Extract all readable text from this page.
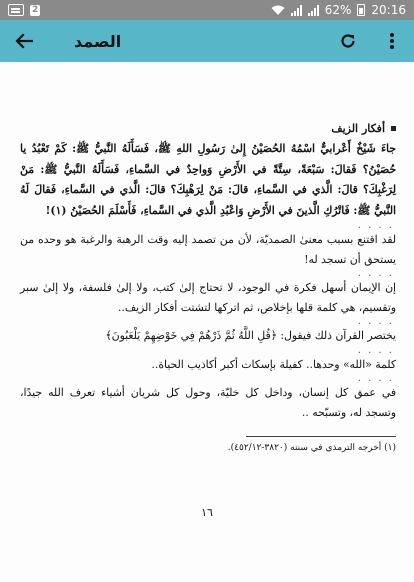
2	62% 20:16
الصمد
أفكار الزيف

جاءَ شَيْخٌ أَعْرابيٌّ اسْمُهُ الحُصَيْنُ إِلىٰ رَسُولِ اللهِ ﷺ، فَسَأَلَهُ النَّبيُّ ﷺ: كَمْ تَعْبُدُ يا حُصَيْنُ؟ فَقالَ: سَبْعَةً، سِتَّةً في الأَرْضِ وَواحِدٌ في السَّماءِ، فَسَأَلَهُ النَّبيُّ ﷺ: مَنْ لِرَغْبِكَ؟ قالَ: الَّذي في السَّماءِ، قالَ: مَنْ لِرَهْبِكَ؟ قالَ: الَّذي في السَّماءِ، فَقالَ لَهُ النَّبيُّ ﷺ: فَاتْرُكِ الَّذينَ في الأَرْضِ وَاعْبُدِ الَّذي في السَّماءِ، فَأَسْلَمَ الحُصَيْنُ (١)!

. . . .

لقد اقتنع بسبب معنىٰ الصمديّة، لأن من تصمد إليه وقت الرهبة والرغبة هو وحده من يستحق أن تسجد له!

. . . .

إن الإيمان أسهل فكرة في الوجود، لا تحتاج إلىٰ كتب، ولا إلىٰ فلسفة، ولا إلىٰ سبر وتقسيم، هي كلمة قلها بإخلاص، ثم اتركها لتشتت أفكار الزيف..

. . . .

يختصر القرآن ذلك فيقول: ﴿قُلِ اللَّهُ ثُمَّ ذَرْهُمْ فِي خَوْضِهِمْ يَلْعَبُونَ﴾

. . . .

كلمة «الله» وحدها.. كفيلة بإسكات أكبر أكاذيب الحياة..

. . . .

في عمق كل إنسان، وداخل كل خليّة، وحول كل شريان أشياء تعرف الله جيدًا، وتسجد له، وتسبّحه ..

(١) أخرجه الترمذي في سننه (٣٨٢٠-٤٥٢/١٢).

١٦
